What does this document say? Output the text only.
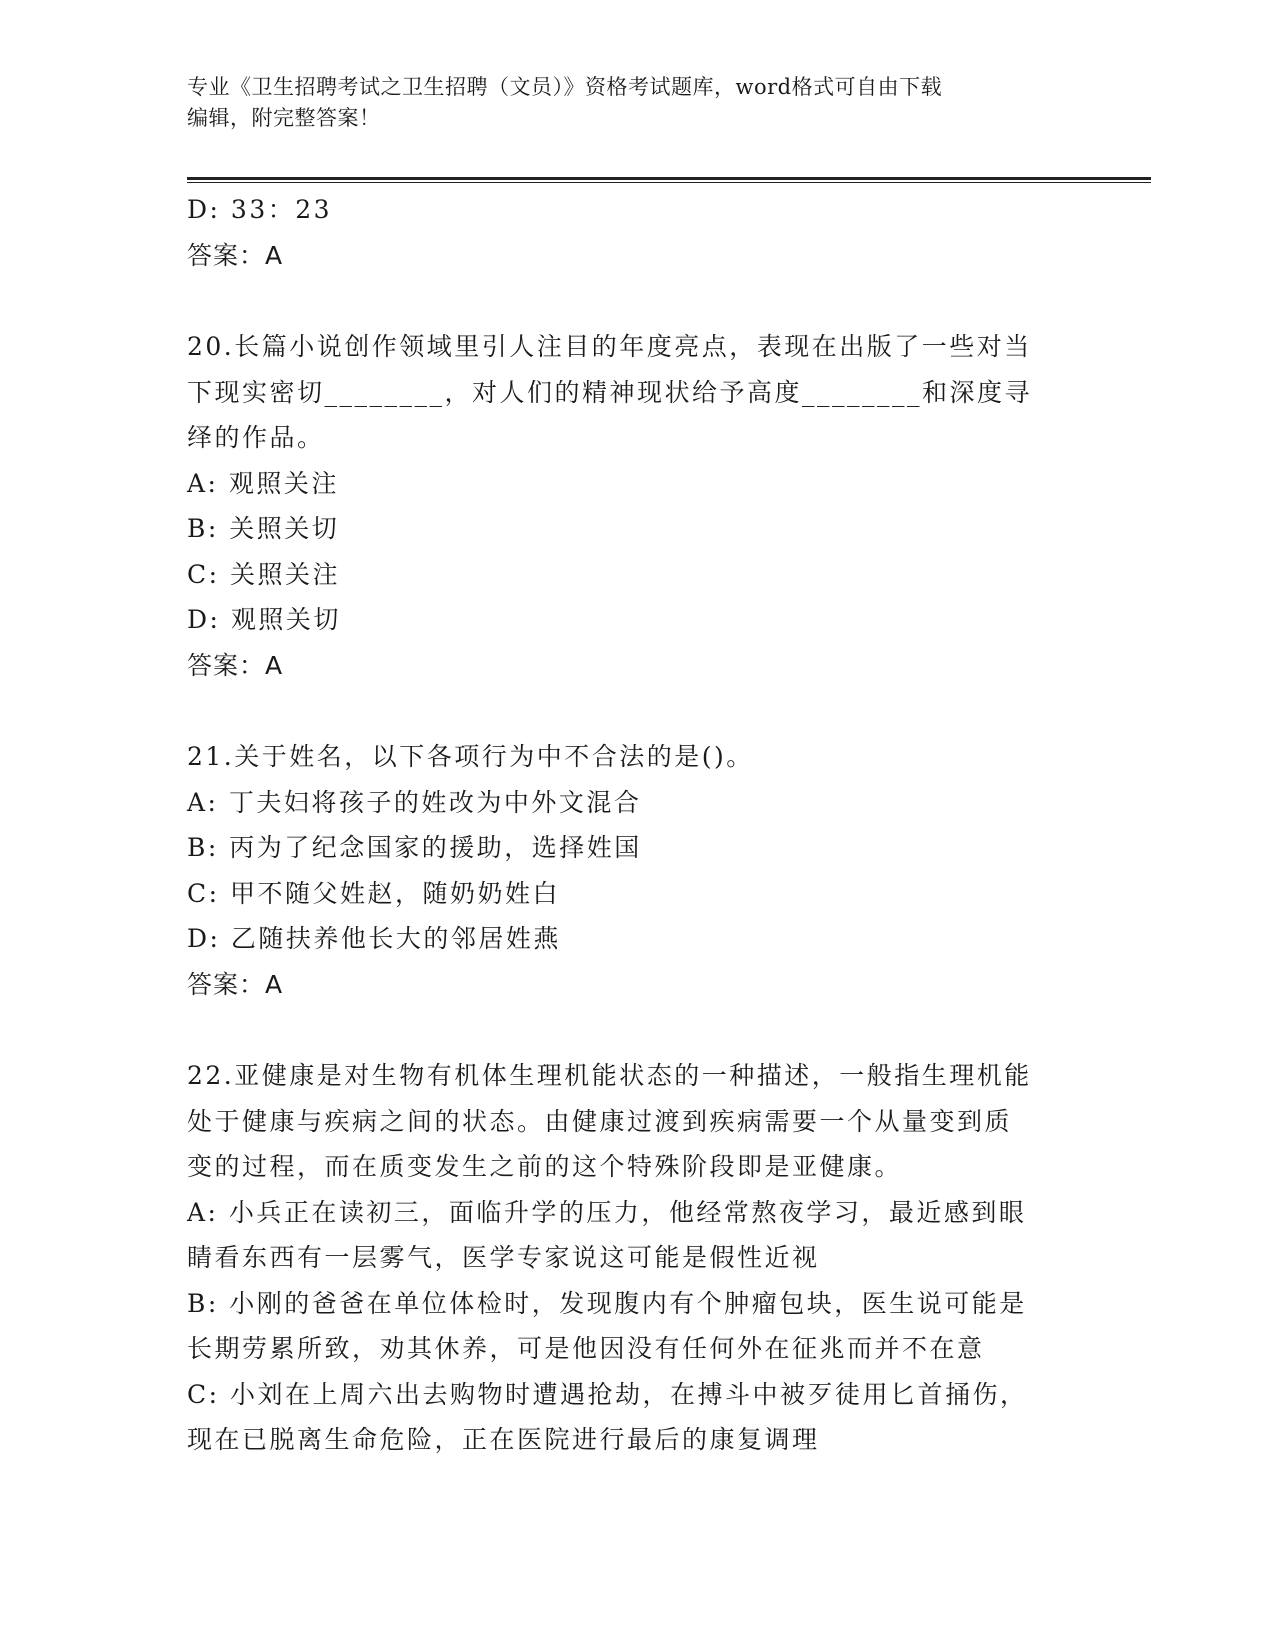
专业《卫生招聘考试之卫生招聘（文员）》资格考试题库，word格式可自由下载
编辑，附完整答案！
D: 33：23
答案：A
20.长篇小说创作领域里引人注目的年度亮点，表现在出版了一些对当
下现实密切________，对人们的精神现状给予高度________和深度寻
绎的作品。
A: 观照关注
B: 关照关切
C: 关照关注
D: 观照关切
答案：A
21.关于姓名，以下各项行为中不合法的是()。
A: 丁夫妇将孩子的姓改为中外文混合
B: 丙为了纪念国家的援助，选择姓国
C: 甲不随父姓赵，随奶奶姓白
D: 乙随扶养他长大的邻居姓燕
答案：A
22.亚健康是对生物有机体生理机能状态的一种描述，一般指生理机能
处于健康与疾病之间的状态。由健康过渡到疾病需要一个从量变到质
变的过程，而在质变发生之前的这个特殊阶段即是亚健康。
A: 小兵正在读初三，面临升学的压力，他经常熬夜学习，最近感到眼
睛看东西有一层雾气，医学专家说这可能是假性近视
B: 小刚的爸爸在单位体检时，发现腹内有个肿瘤包块，医生说可能是
长期劳累所致，劝其休养，可是他因没有任何外在征兆而并不在意
C: 小刘在上周六出去购物时遭遇抢劫，在搏斗中被歹徒用匕首捅伤，
现在已脱离生命危险，正在医院进行最后的康复调理
